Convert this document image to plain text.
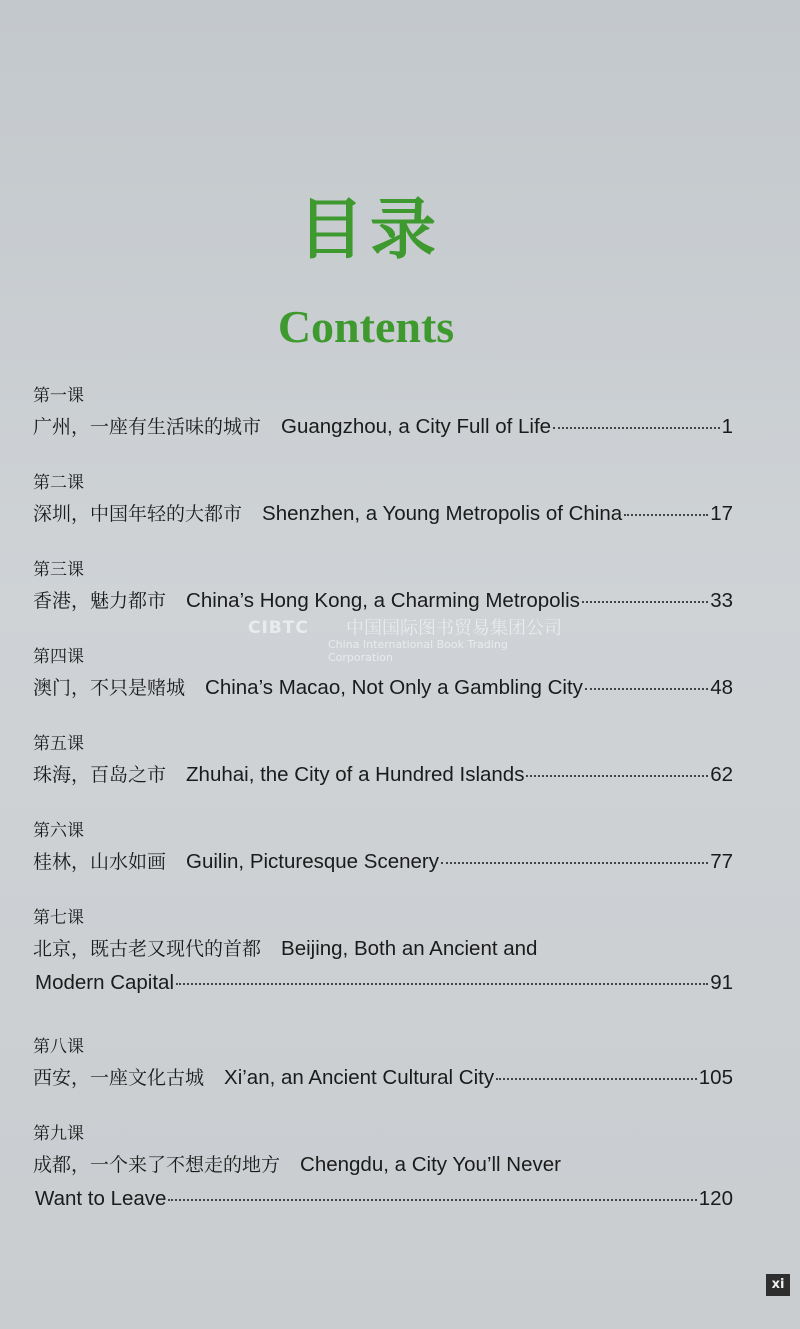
目录
Contents
第一课
广州，一座有生活味的城市 Guangzhou, a City Full of Life	1
第二课
深圳，中国年轻的大都市 Shenzhen, a Young Metropolis of China	17
第三课
香港，魅力都市 China’s Hong Kong, a Charming Metropolis	33
第四课
澳门，不只是赌城 China’s Macao, Not Only a Gambling City	48
第五课
珠海，百岛之市 Zhuhai, the City of a Hundred Islands	62
第六课
桂林，山水如画 Guilin, Picturesque Scenery	77
第七课
北京，既古老又现代的首都 Beijing, Both an Ancient and
Modern Capital	91
第八课
西安，一座文化古城 Xi’an, an Ancient Cultural City	105
第九课
成都，一个来了不想走的地方 Chengdu, a City You’ll Never
Want to Leave	120
CIBTC 中国国际图书贸易集团公司
China International Book Trading Corporation
xi
